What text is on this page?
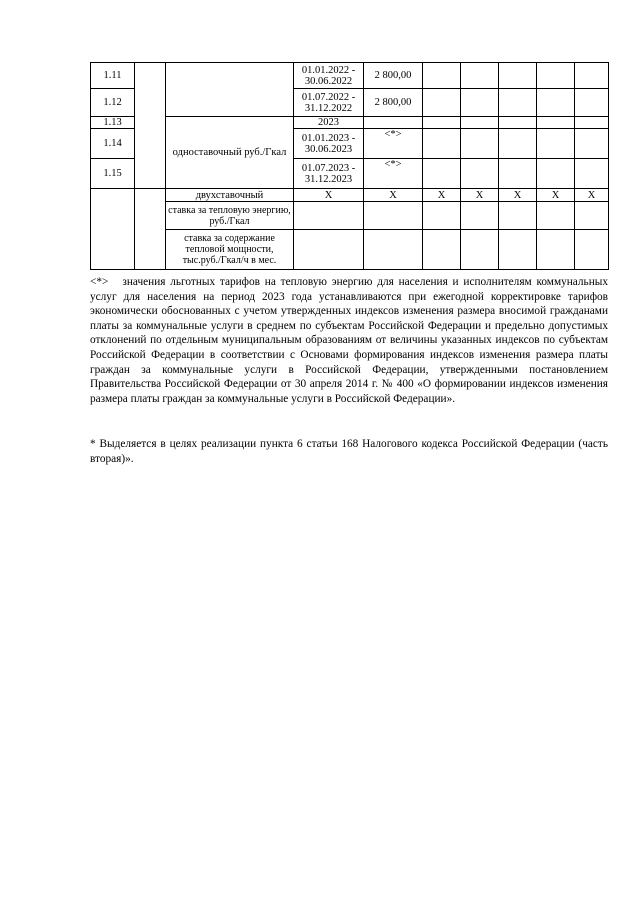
1.11			01.01.2022 - 30.06.2022	2 800,00					
1.12			01.07.2022 - 31.12.2022	2 800,00					
1.13		одноставочный руб./Гкал	2023						
1.14			01.01.2023 - 30.06.2023	<*>					
1.15			01.07.2023 - 31.12.2023	<*>					
		двухставочный	X	X	X	X	X	X	X
		ставка за тепловую энергию, руб./Гкал							
		ставка за содержание тепловой мощности, тыс.руб./Гкал/ч в мес.							
<*> значения льготных тарифов на тепловую энергию для населения и исполнителям коммунальных услуг для населения на период 2023 года устанавливаются при ежегодной корректировке тарифов экономически обоснованных с учетом утвержденных индексов изменения размера вносимой гражданами платы за коммунальные услуги в среднем по субъектам Российской Федерации и предельно допустимых отклонений по отдельным муниципальным образованиям от величины указанных индексов по субъектам Российской Федерации в соответствии с Основами формирования индексов изменения размера платы граждан за коммунальные услуги в Российской Федерации, утвержденными постановлением Правительства Российской Федерации от 30 апреля 2014 г. № 400 «О формировании индексов изменения размера платы граждан за коммунальные услуги в Российской Федерации».
* Выделяется в целях реализации пункта 6 статьи 168 Налогового кодекса Российской Федерации (часть вторая)».
